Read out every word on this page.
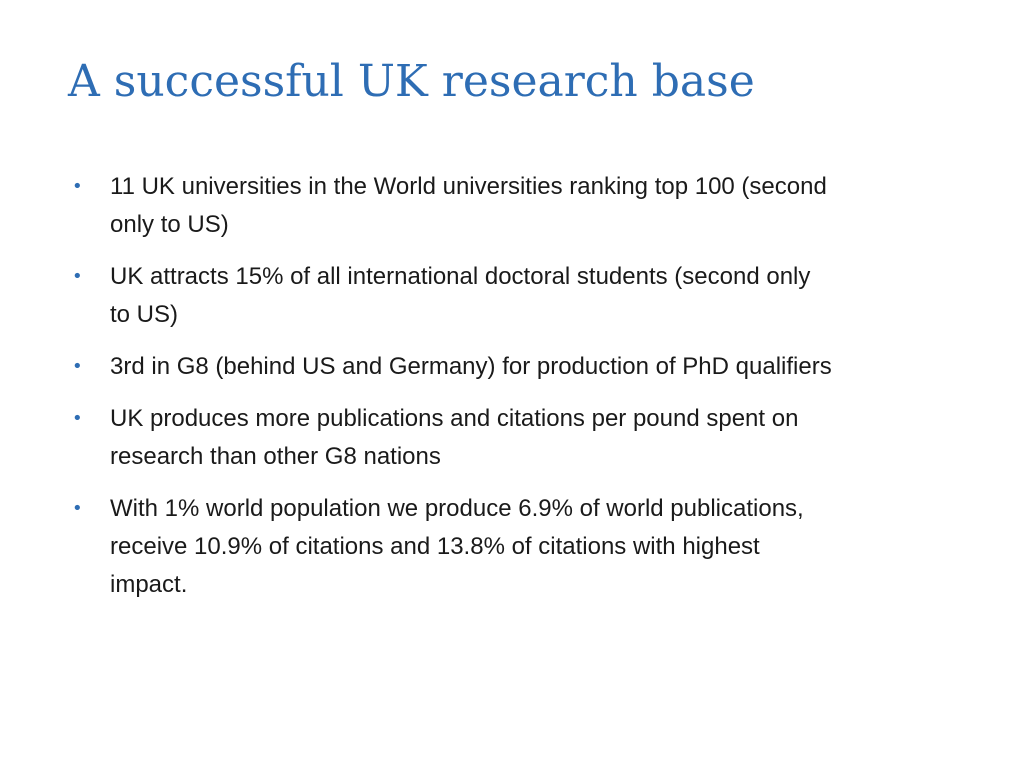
A successful UK research base
•	11 UK universities in the World universities ranking top 100 (second only to US)
•	UK attracts 15% of all international doctoral students (second only to US)
•	3rd in G8 (behind US and Germany) for production of PhD qualifiers
•	UK produces more publications and citations per pound spent on research than other G8 nations
•	With 1% world population we produce 6.9% of world publications, receive 10.9% of citations and 13.8% of citations with highest impact.
